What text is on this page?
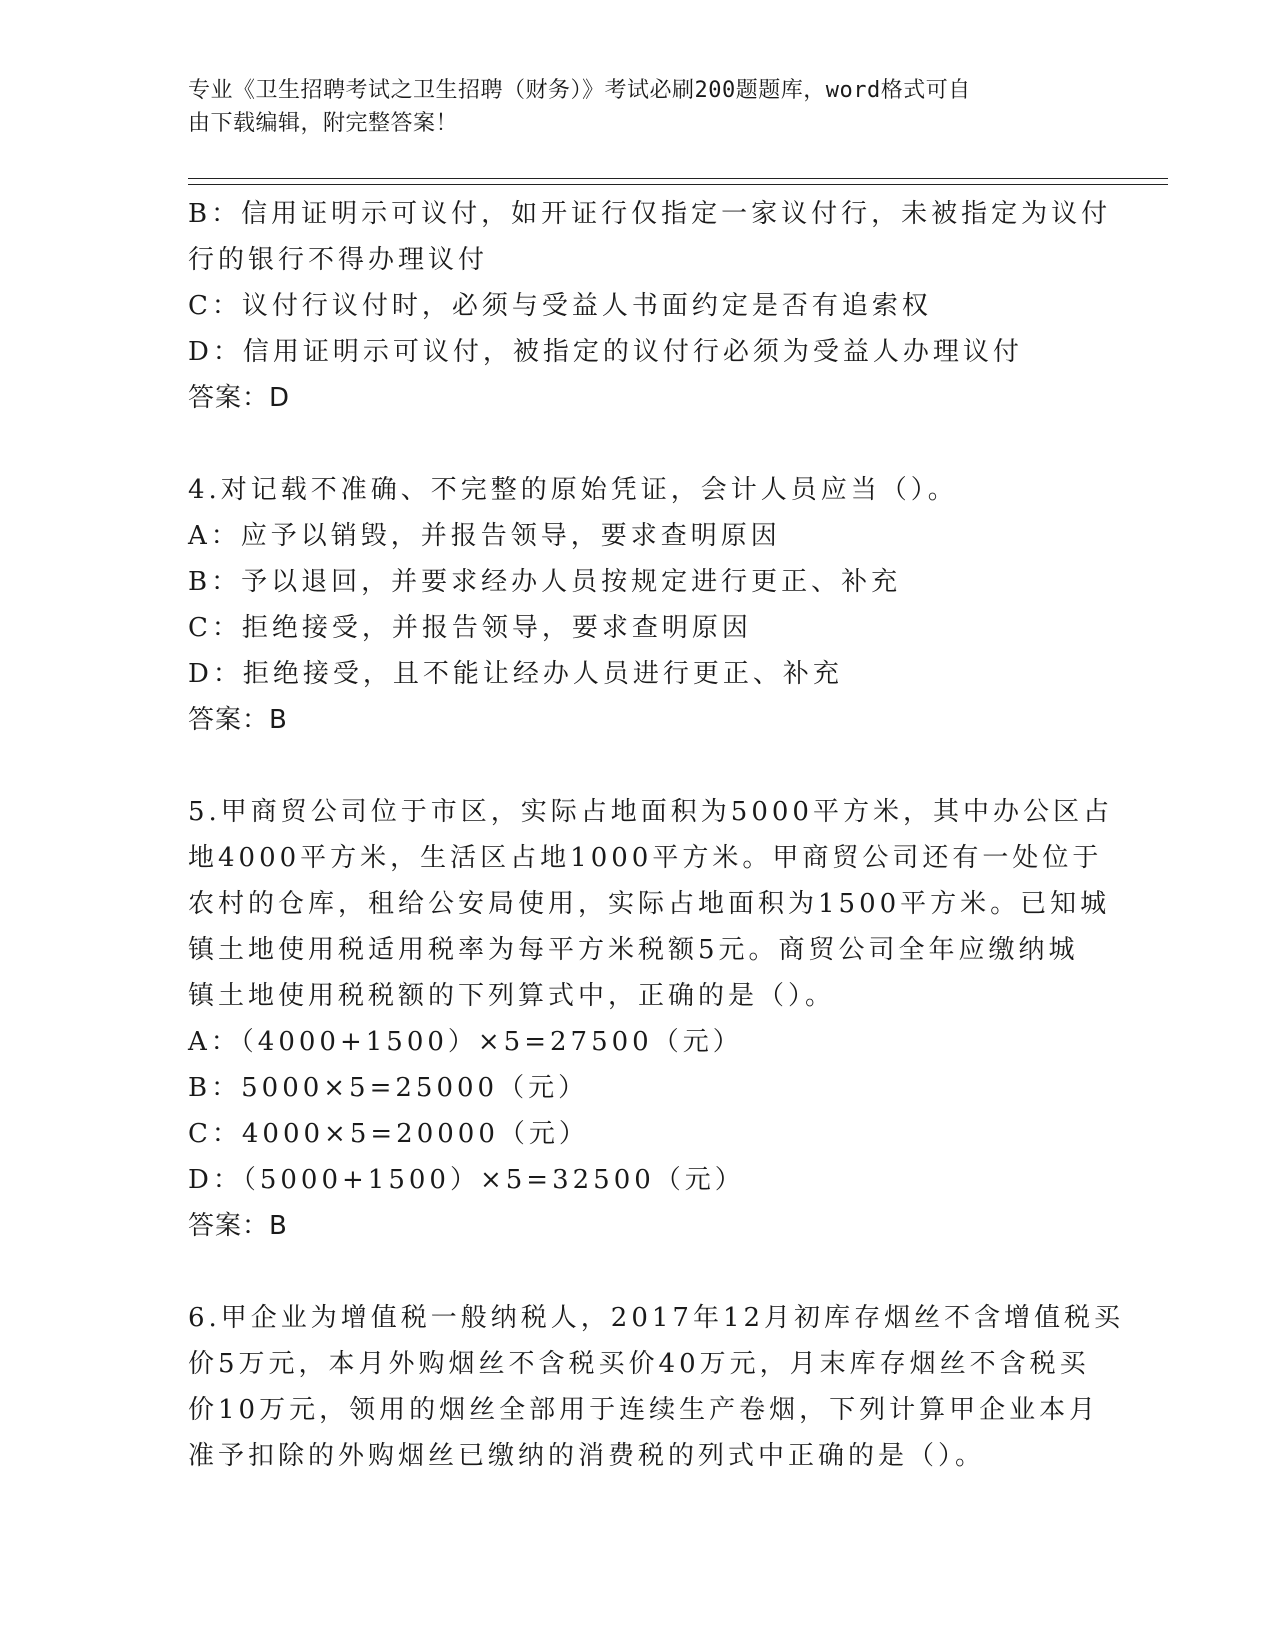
专业《卫生招聘考试之卫生招聘（财务）》考试必刷200题题库，word格式可自
由下载编辑，附完整答案！
B：信用证明示可议付，如开证行仅指定一家议付行，未被指定为议付
行的银行不得办理议付
C：议付行议付时，必须与受益人书面约定是否有追索权
D：信用证明示可议付，被指定的议付行必须为受益人办理议付
答案：D
4.对记载不准确、不完整的原始凭证，会计人员应当（）。
A：应予以销毁，并报告领导，要求查明原因
B：予以退回，并要求经办人员按规定进行更正、补充
C：拒绝接受，并报告领导，要求查明原因
D：拒绝接受，且不能让经办人员进行更正、补充
答案：B
5.甲商贸公司位于市区，实际占地面积为5000平方米，其中办公区占
地4000平方米，生活区占地1000平方米。甲商贸公司还有一处位于
农村的仓库，租给公安局使用，实际占地面积为1500平方米。已知城
镇土地使用税适用税率为每平方米税额5元。商贸公司全年应缴纳城
镇土地使用税税额的下列算式中，正确的是（）。
A：（4000+1500）×5=27500（元）
B：5000×5=25000（元）
C：4000×5=20000（元）
D：（5000+1500）×5=32500（元）
答案：B
6.甲企业为增值税一般纳税人，2017年12月初库存烟丝不含增值税买
价5万元，本月外购烟丝不含税买价40万元，月末库存烟丝不含税买
价10万元，领用的烟丝全部用于连续生产卷烟，下列计算甲企业本月
准予扣除的外购烟丝已缴纳的消费税的列式中正确的是（）。
